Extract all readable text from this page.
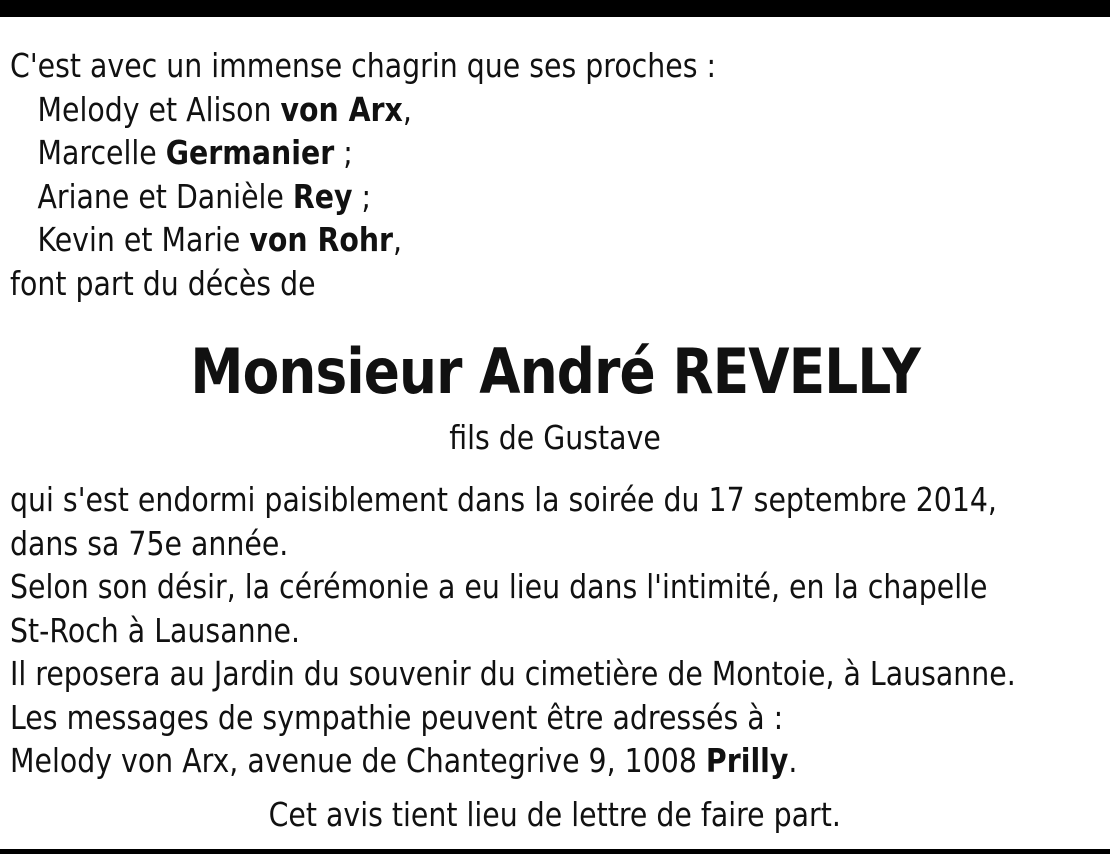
C'est avec un immense chagrin que ses proches :
Melody et Alison von Arx,
Marcelle Germanier ;
Ariane et Danièle Rey ;
Kevin et Marie von Rohr,
font part du décès de
Monsieur André REVELLY
fils de Gustave
qui s'est endormi paisiblement dans la soirée du 17 septembre 2014,
dans sa 75e année.
Selon son désir, la cérémonie a eu lieu dans l'intimité, en la chapelle
St-Roch à Lausanne.
Il reposera au Jardin du souvenir du cimetière de Montoie, à Lausanne.
Les messages de sympathie peuvent être adressés à :
Melody von Arx, avenue de Chantegrive 9, 1008 Prilly.
Cet avis tient lieu de lettre de faire part.
